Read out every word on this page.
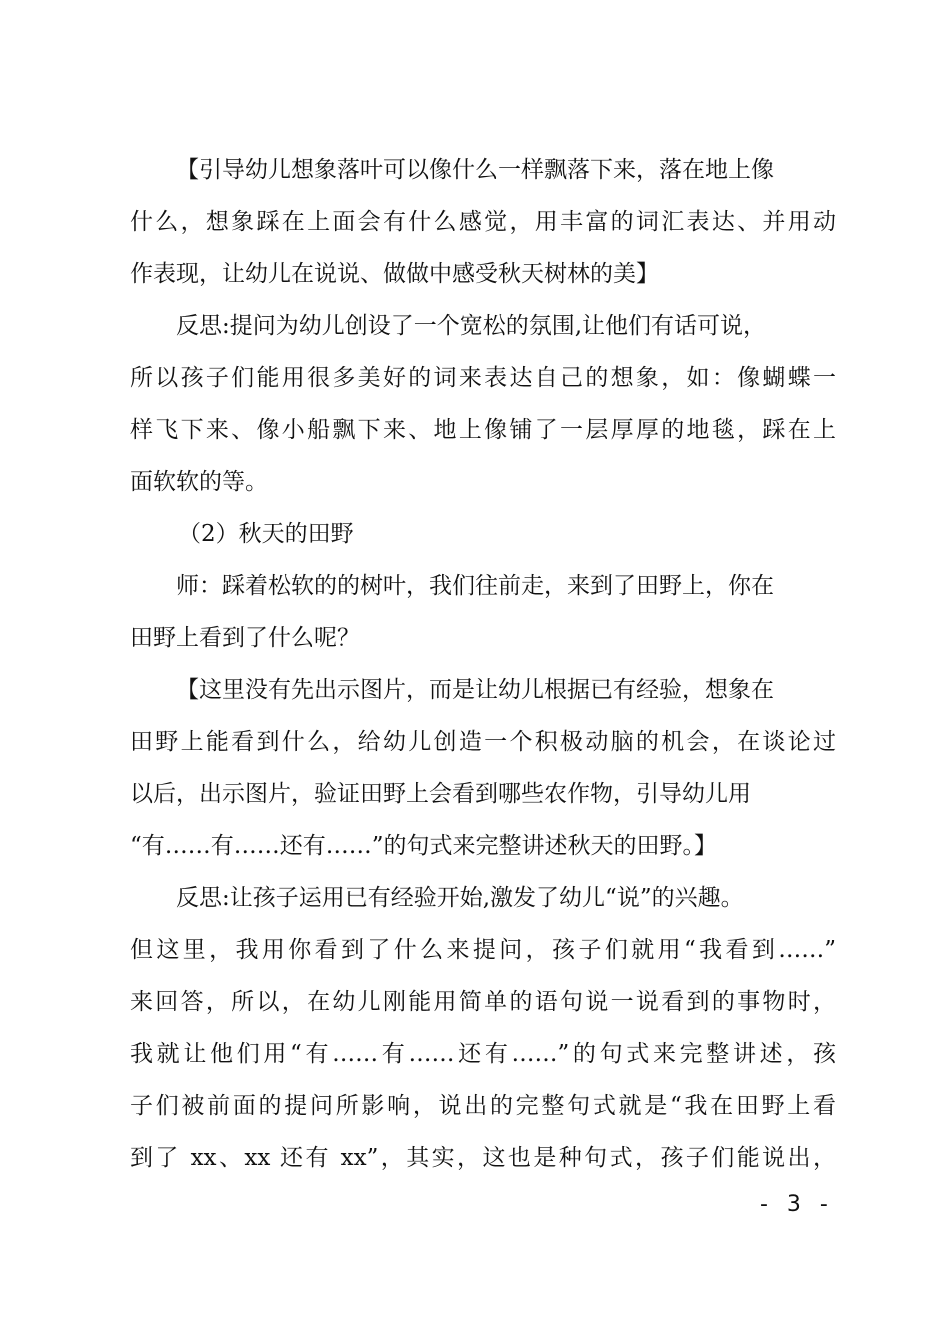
【引导幼儿想象落叶可以像什么一样飘落下来，落在地上像
什么，想象踩在上面会有什么感觉，用丰富的词汇表达、并用动
作表现，让幼儿在说说、做做中感受秋天树林的美】
反思:提问为幼儿创设了一个宽松的氛围,让他们有话可说，
所以孩子们能用很多美好的词来表达自己的想象，如：像蝴蝶一
样飞下来、像小船飘下来、地上像铺了一层厚厚的地毯，踩在上
面软软的等。
（2）秋天的田野
师：踩着松软的的树叶，我们往前走，来到了田野上，你在
田野上看到了什么呢？
【这里没有先出示图片，而是让幼儿根据已有经验，想象在
田野上能看到什么，给幼儿创造一个积极动脑的机会，在谈论过
以后，出示图片，验证田野上会看到哪些农作物，引导幼儿用
“有……有……还有……”的句式来完整讲述秋天的田野。】
反思:让孩子运用已有经验开始,激发了幼儿“说”的兴趣。
但这里，我用你看到了什么来提问，孩子们就用“我看到……”
来回答，所以，在幼儿刚能用简单的语句说一说看到的事物时，
我就让他们用“有……有……还有……”的句式来完整讲述，孩
子们被前面的提问所影响，说出的完整句式就是“我在田野上看
到了 xx、xx 还有 xx”，其实，这也是种句式，孩子们能说出，
- 3 -
